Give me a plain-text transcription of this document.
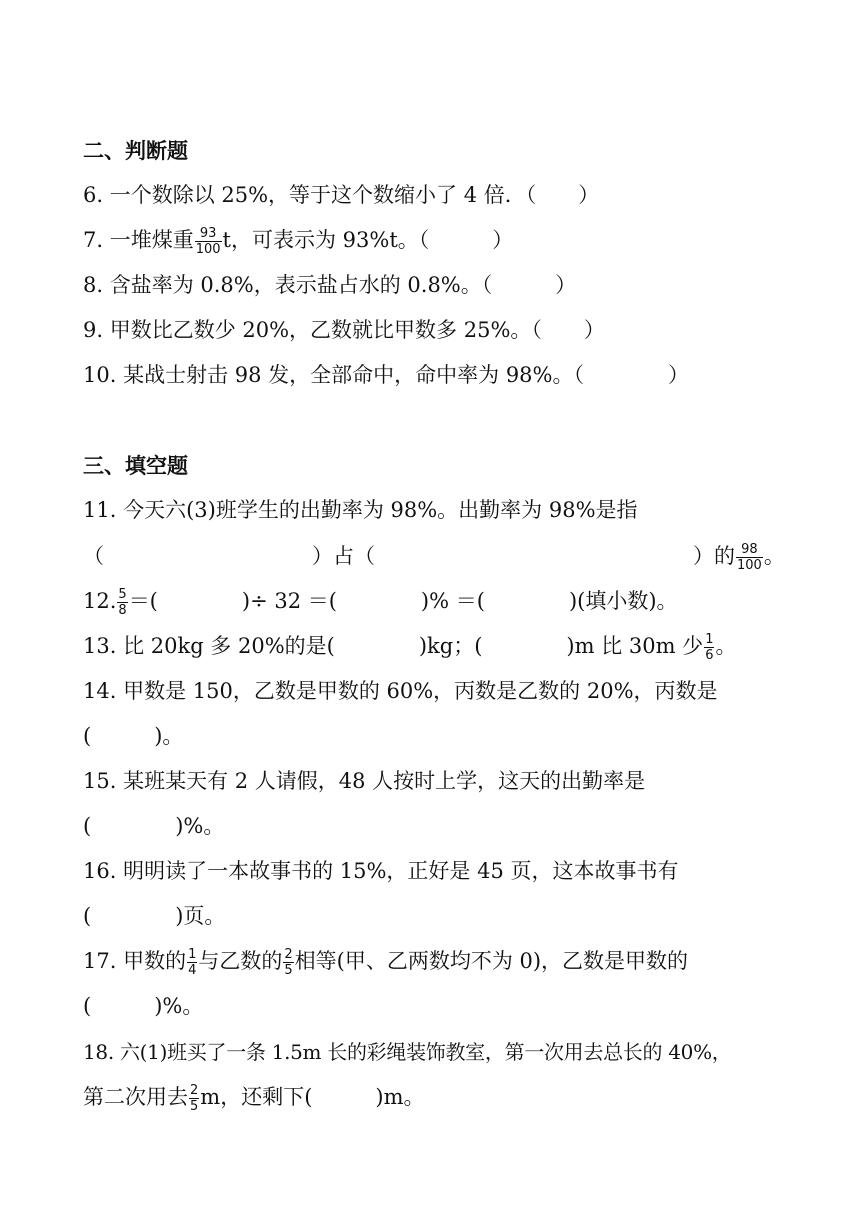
二、判断题
6. 一个数除以 25%，等于这个数缩小了 4 倍．（　　）
7. 一堆煤重 $\frac{93}{100}$ t，可表示为 93%t。（　　　）
8. 含盐率为 0.8%，表示盐占水的 0.8%。（　　　）
9. 甲数比乙数少 20%，乙数就比甲数多 25%。（　　）
10. 某战士射击 98 发，全部命中，命中率为 98%。（　　　　）
三、填空题
11. 今天六(3)班学生的出勤率为 98%。出勤率为 98%是指
（	）占（	）的 $\frac{98}{100}$ 。
12. $\frac{5}{8}$ ＝(　　　　)÷ 32 ＝(　　　　)% ＝(　　　　)(填小数)。
13. 比 20kg 多 20%的是(　　　　)kg；(　　　　)m 比 30m 少 $\frac{1}{6}$ 。
14. 甲数是 150，乙数是甲数的 60%，丙数是乙数的 20%，丙数是
(　　　)。
15. 某班某天有 2 人请假，48 人按时上学，这天的出勤率是
(　　　　)%。
16. 明明读了一本故事书的 15%，正好是 45 页，这本故事书有
(　　　　)页。
17. 甲数的 $\frac{1}{4}$ 与乙数的 $\frac{2}{5}$ 相等(甲、乙两数均不为 0)，乙数是甲数的
(　　　)%。
18. 六(1)班买了一条 1.5m 长的彩绳装饰教室，第一次用去总长的 40%，
第二次用去 $\frac{2}{5}$ m，还剩下(　　　)m。
